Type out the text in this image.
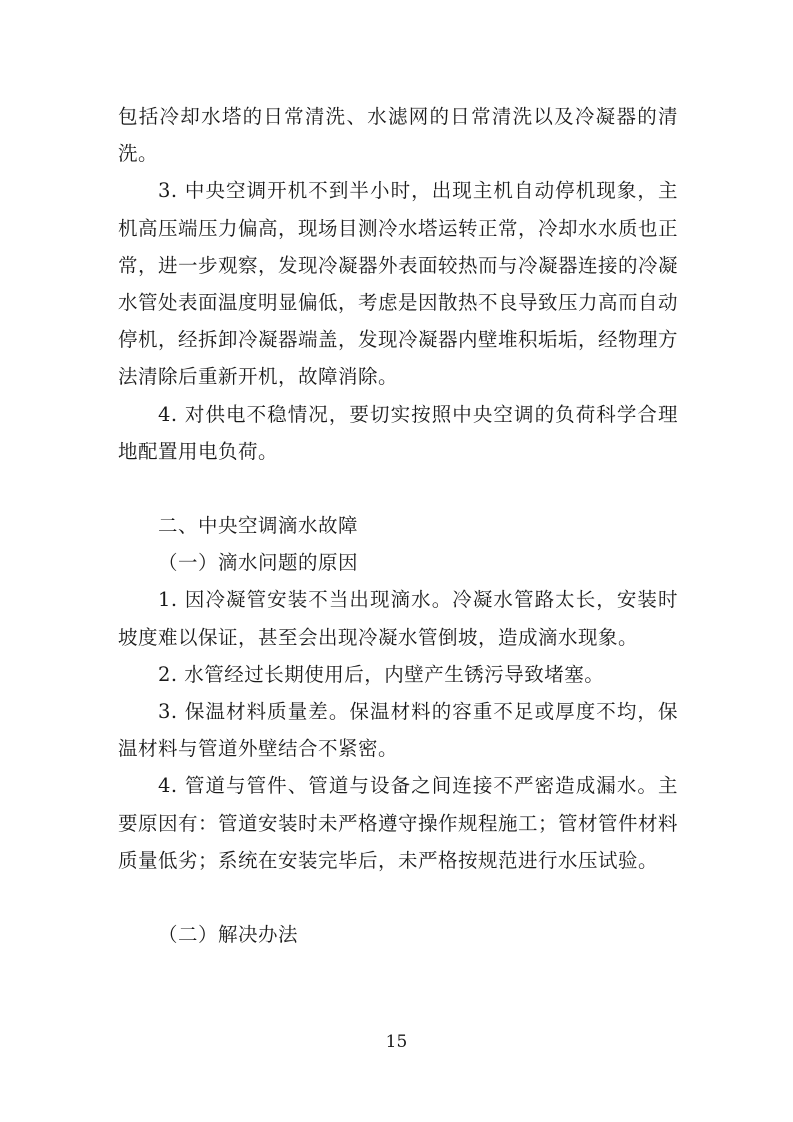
包括冷却水塔的日常清洗、水滤网的日常清洗以及冷凝器的清洗。

3. 中央空调开机不到半小时，出现主机自动停机现象，主机高压端压力偏高，现场目测冷水塔运转正常，冷却水水质也正常，进一步观察，发现冷凝器外表面较热而与冷凝器连接的冷凝水管处表面温度明显偏低，考虑是因散热不良导致压力高而自动停机，经拆卸冷凝器端盖，发现冷凝器内壁堆积垢垢，经物理方法清除后重新开机，故障消除。

4. 对供电不稳情况，要切实按照中央空调的负荷科学合理地配置用电负荷。

二、中央空调滴水故障

（一）滴水问题的原因

1. 因冷凝管安装不当出现滴水。冷凝水管路太长，安装时坡度难以保证，甚至会出现冷凝水管倒坡，造成滴水现象。

2. 水管经过长期使用后，内壁产生锈污导致堵塞。

3. 保温材料质量差。保温材料的容重不足或厚度不均，保温材料与管道外壁结合不紧密。

4. 管道与管件、管道与设备之间连接不严密造成漏水。主要原因有：管道安装时未严格遵守操作规程施工；管材管件材料质量低劣；系统在安装完毕后，未严格按规范进行水压试验。

（二）解决办法

15
